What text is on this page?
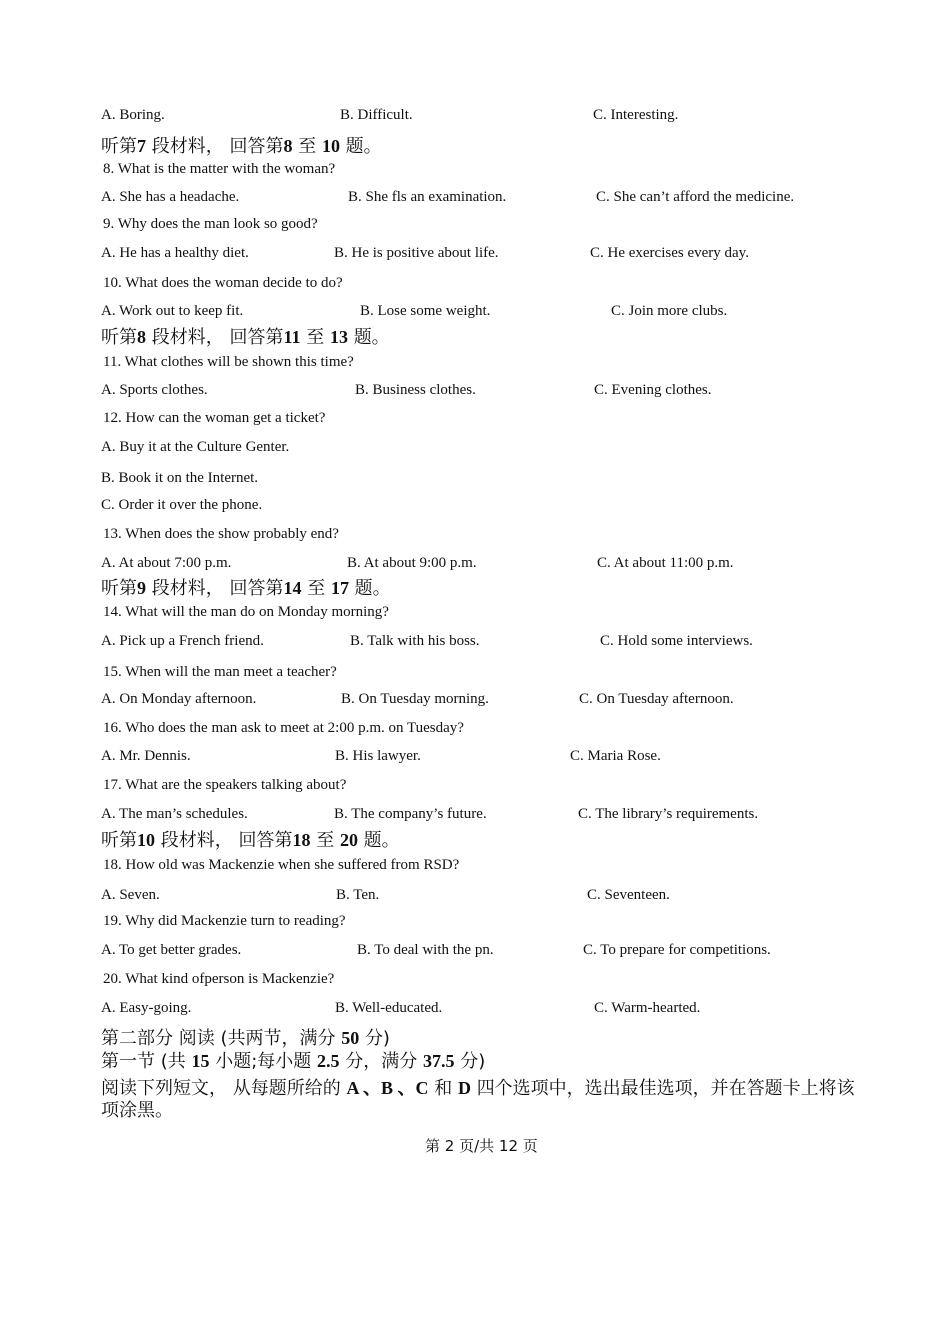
A. Boring.	B. Difficult.	C. Interesting.
听第7 段材料， 回答第8 至 10 题。
8. What is the matter with the woman?
A. She has a headache.	B. She fls an examination.	C. She can’t afford the medicine.
9. Why does the man look so good?
A. He has a healthy diet.	B. He is positive about life.	C. He exercises every day.
10. What does the woman decide to do?
A. Work out to keep fit.	B. Lose some weight.	C. Join more clubs.
听第8 段材料， 回答第11 至 13 题。
11. What clothes will be shown this time?
A. Sports clothes.	B. Business clothes.	C. Evening clothes.
12. How can the woman get a ticket?
A. Buy it at the Culture Genter.
B. Book it on the Internet.
C. Order it over the phone.
13. When does the show probably end?
A. At about 7:00 p.m.	B. At about 9:00 p.m.	C. At about 11:00 p.m.
听第9 段材料， 回答第14 至 17 题。
14. What will the man do on Monday morning?
A. Pick up a French friend.	B. Talk with his boss.	C. Hold some interviews.
15. When will the man meet a teacher?
A. On Monday afternoon.	B. On Tuesday morning.	C. On Tuesday afternoon.
16. Who does the man ask to meet at 2:00 p.m. on Tuesday?
A. Mr. Dennis.	B. His lawyer.	C. Maria Rose.
17. What are the speakers talking about?
A. The man’s schedules.	B. The company’s future.	C. The library’s requirements.
听第10 段材料， 回答第18 至 20 题。
18. How old was Mackenzie when she suffered from RSD?
A. Seven.	B. Ten.	C. Seventeen.
19. Why did Mackenzie turn to reading?
A. To get better grades.	B. To deal with the pn.	C. To prepare for competitions.
20. What kind ofperson is Mackenzie?
A. Easy-going.	B. Well-educated.	C. Warm-hearted.
第二部分 阅读 (共两节，满分 50 分)
第一节 (共 15 小题;每小题 2.5 分，满分 37.5 分)
阅读下列短文， 从每题所给的 A 、B 、C 和 D 四个选项中，选出最佳选项，并在答题卡上将该项涂黑。
第 2 页/共 12 页
